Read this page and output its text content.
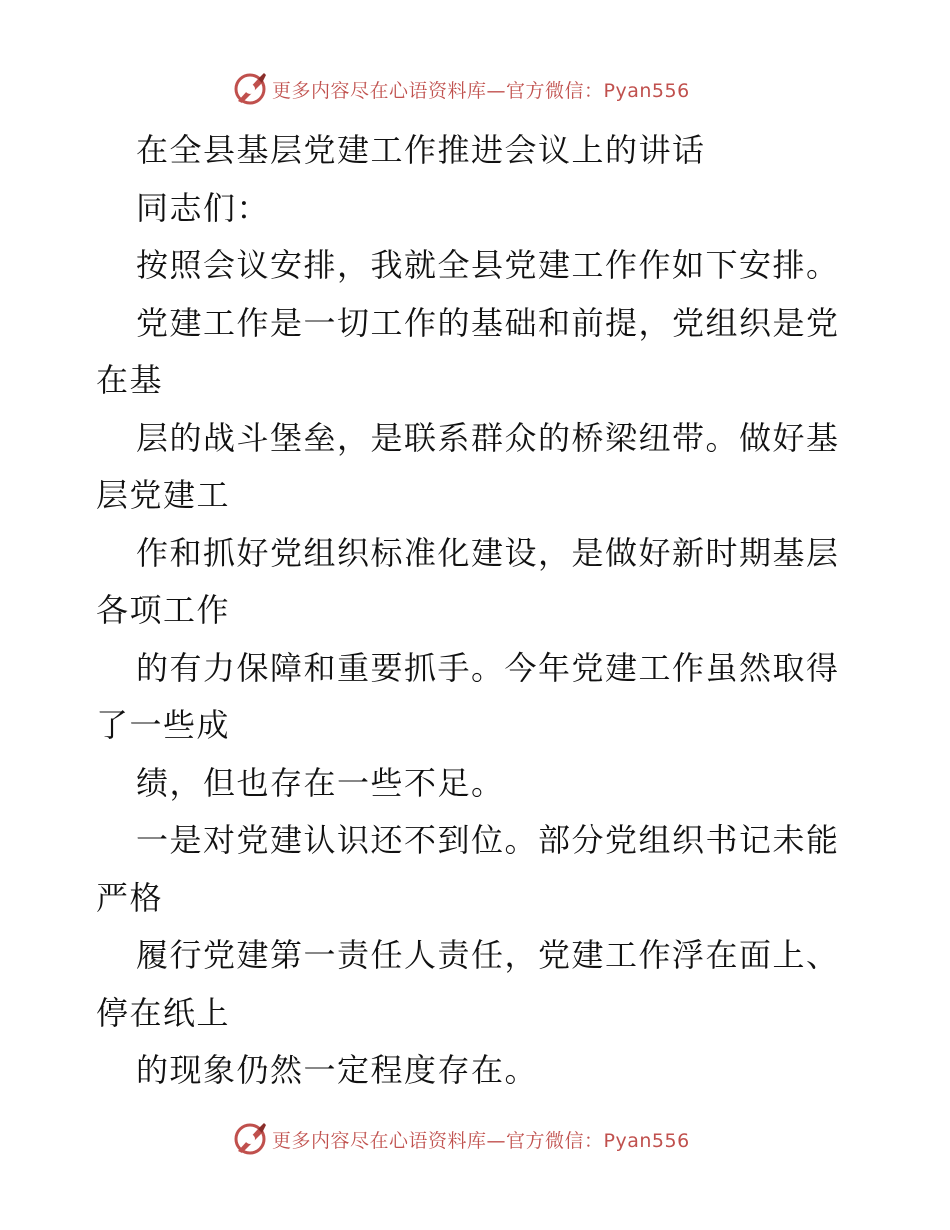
更多内容尽在心语资料库—官方微信：Pyan556
在全县基层党建工作推进会议上的讲话
同志们：
按照会议安排，我就全县党建工作作如下安排。
党建工作是一切工作的基础和前提，党组织是党
在基
层的战斗堡垒，是联系群众的桥梁纽带。做好基
层党建工
作和抓好党组织标准化建设，是做好新时期基层
各项工作
的有力保障和重要抓手。今年党建工作虽然取得
了一些成
绩，但也存在一些不足。
一是对党建认识还不到位。部分党组织书记未能
严格
履行党建第一责任人责任，党建工作浮在面上、
停在纸上
的现象仍然一定程度存在。
更多内容尽在心语资料库—官方微信：Pyan556
